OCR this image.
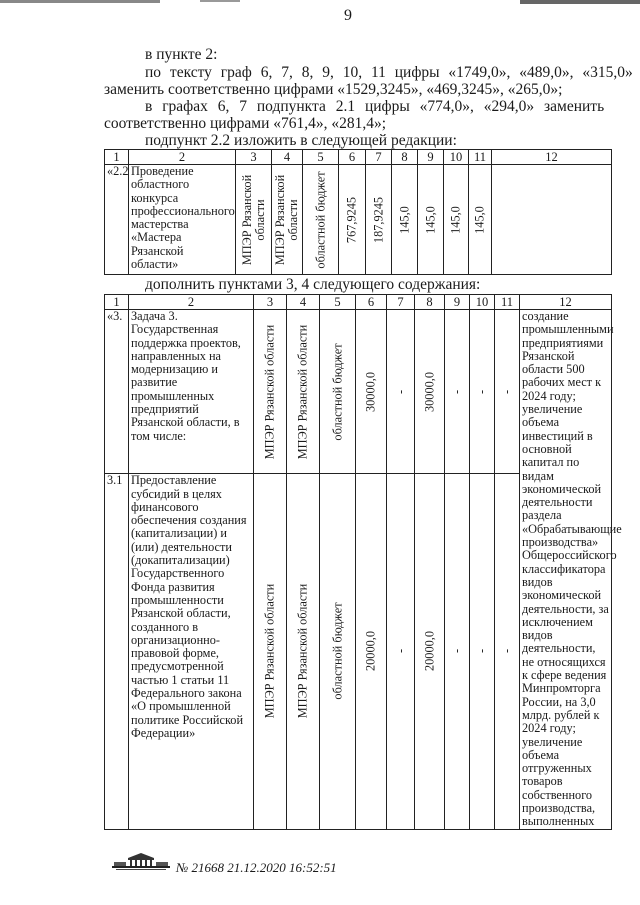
9
в пункте 2:
по тексту граф 6, 7, 8, 9, 10, 11 цифры «1749,0», «489,0», «315,0»
заменить соответственно цифрами «1529,3245», «469,3245», «265,0»;
в графах 6, 7 подпункта 2.1 цифры «774,0», «294,0» заменить
соответственно цифрами «761,4», «281,4»;
подпункт 2.2 изложить в следующей редакции:
1	2	3	4	5	6	7	8	9	10	11	12
«2.2	Проведение областного конкурса профессионального мастерства «Мастера Рязанской области»	МПЭР Рязанской области	МПЭР Рязанской области	областной бюджет	767,9245	187,9245	145,0	145,0	145,0	145,0	

дополнить пунктами 3, 4 следующего содержания:
1	2	3	4	5	6	7	8	9	10	11	12
«3.	Задача 3. Государственная поддержка проектов, направленных на модернизацию и развитие промышленных предприятий Рязанской области, в том числе:	МПЭР Рязанской области	МПЭР Рязанской области	областной бюджет	30000,0	-	30000,0	-	-	-	создание промышленными предприятиями Рязанской области 500 рабочих мест к 2024 году; увеличение объема инвестиций в основной капитал по видам экономической деятельности раздела «Обрабатывающие производства» Общероссийского классификатора видов экономической деятельности, за исключением видов деятельности, не относящихся к сфере ведения Минпромторга России, на 3,0 млрд. рублей к 2024 году; увеличение объема отгруженных товаров собственного производства, выполненных
3.1	Предоставление субсидий в целях финансового обеспечения создания (капитализации) и (или) деятельности (докапитализации) Государственного Фонда развития промышленности Рязанской области, созданного в организационно-правовой форме, предусмотренной частью 1 статьи 11 Федерального закона «О промышленной политике Российской Федерации»	МПЭР Рязанской области	МПЭР Рязанской области	областной бюджет	20000,0	-	20000,0	-	-	-	
№ 21668 21.12.2020 16:52:51
